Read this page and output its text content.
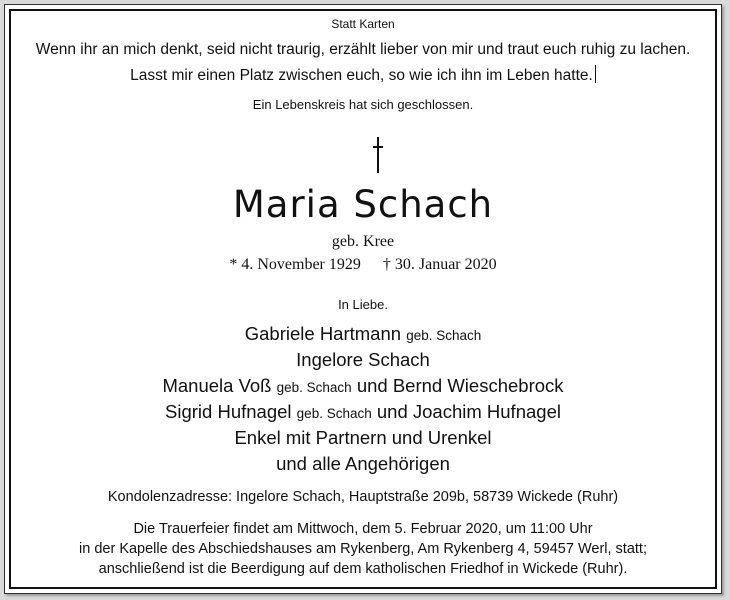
Statt Karten
Wenn ihr an mich denkt, seid nicht traurig, erzählt lieber von mir und traut euch ruhig zu lachen.
Lasst mir einen Platz zwischen euch, so wie ich ihn im Leben hatte.
Ein Lebenskreis hat sich geschlossen.
Maria Schach
geb. Kree
* 4. November 1929 † 30. Januar 2020
In Liebe.
Gabriele Hartmann geb. Schach
Ingelore Schach
Manuela Voß geb. Schach und Bernd Wieschebrock
Sigrid Hufnagel geb. Schach und Joachim Hufnagel
Enkel mit Partnern und Urenkel
und alle Angehörigen
Kondolenzadresse: Ingelore Schach, Hauptstraße 209b, 58739 Wickede (Ruhr)
Die Trauerfeier findet am Mittwoch, dem 5. Februar 2020, um 11:00 Uhr
in der Kapelle des Abschiedshauses am Rykenberg, Am Rykenberg 4, 59457 Werl, statt;
anschließend ist die Beerdigung auf dem katholischen Friedhof in Wickede (Ruhr).
